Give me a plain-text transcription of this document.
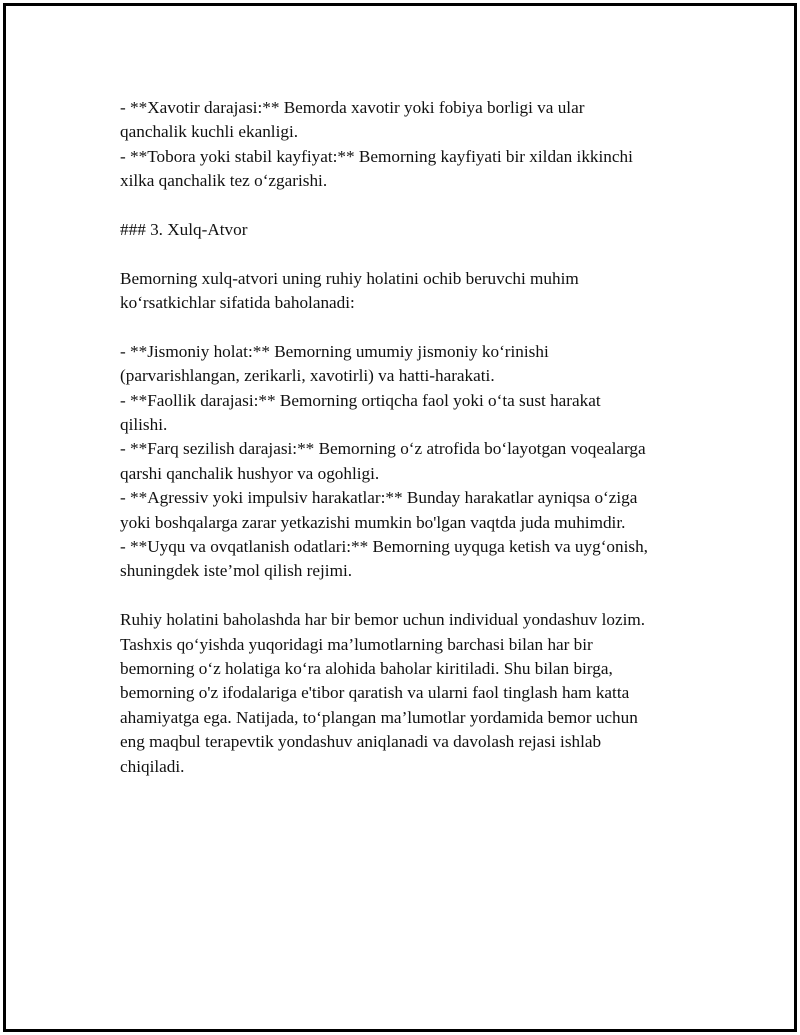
- **Xavotir darajasi:** Bemorda xavotir yoki fobiya borligi va ular
qanchalik kuchli ekanligi.
- **Tobora yoki stabil kayfiyat:** Bemorning kayfiyati bir xildan ikkinchi
xilka qanchalik tez o‘zgarishi.
### 3. Xulq-Atvor
Bemorning xulq-atvori uning ruhiy holatini ochib beruvchi muhim
ko‘rsatkichlar sifatida baholanadi:
- **Jismoniy holat:** Bemorning umumiy jismoniy ko‘rinishi
(parvarishlangan, zerikarli, xavotirli) va hatti-harakati.
- **Faollik darajasi:** Bemorning ortiqcha faol yoki o‘ta sust harakat
qilishi.
- **Farq sezilish darajasi:** Bemorning o‘z atrofida bo‘layotgan voqealarga
qarshi qanchalik hushyor va ogohligi.
- **Agressiv yoki impulsiv harakatlar:** Bunday harakatlar ayniqsa o‘ziga
yoki boshqalarga zarar yetkazishi mumkin bo'lgan vaqtda juda muhimdir.
- **Uyqu va ovqatlanish odatlari:** Bemorning uyquga ketish va uyg‘onish,
shuningdek iste’mol qilish rejimi.
Ruhiy holatini baholashda har bir bemor uchun individual yondashuv lozim.
Tashxis qo‘yishda yuqoridagi ma’lumotlarning barchasi bilan har bir
bemorning o‘z holatiga ko‘ra alohida baholar kiritiladi. Shu bilan birga,
bemorning o'z ifodalariga e'tibor qaratish va ularni faol tinglash ham katta
ahamiyatga ega. Natijada, to‘plangan ma’lumotlar yordamida bemor uchun
eng maqbul terapevtik yondashuv aniqlanadi va davolash rejasi ishlab
chiqiladi.
